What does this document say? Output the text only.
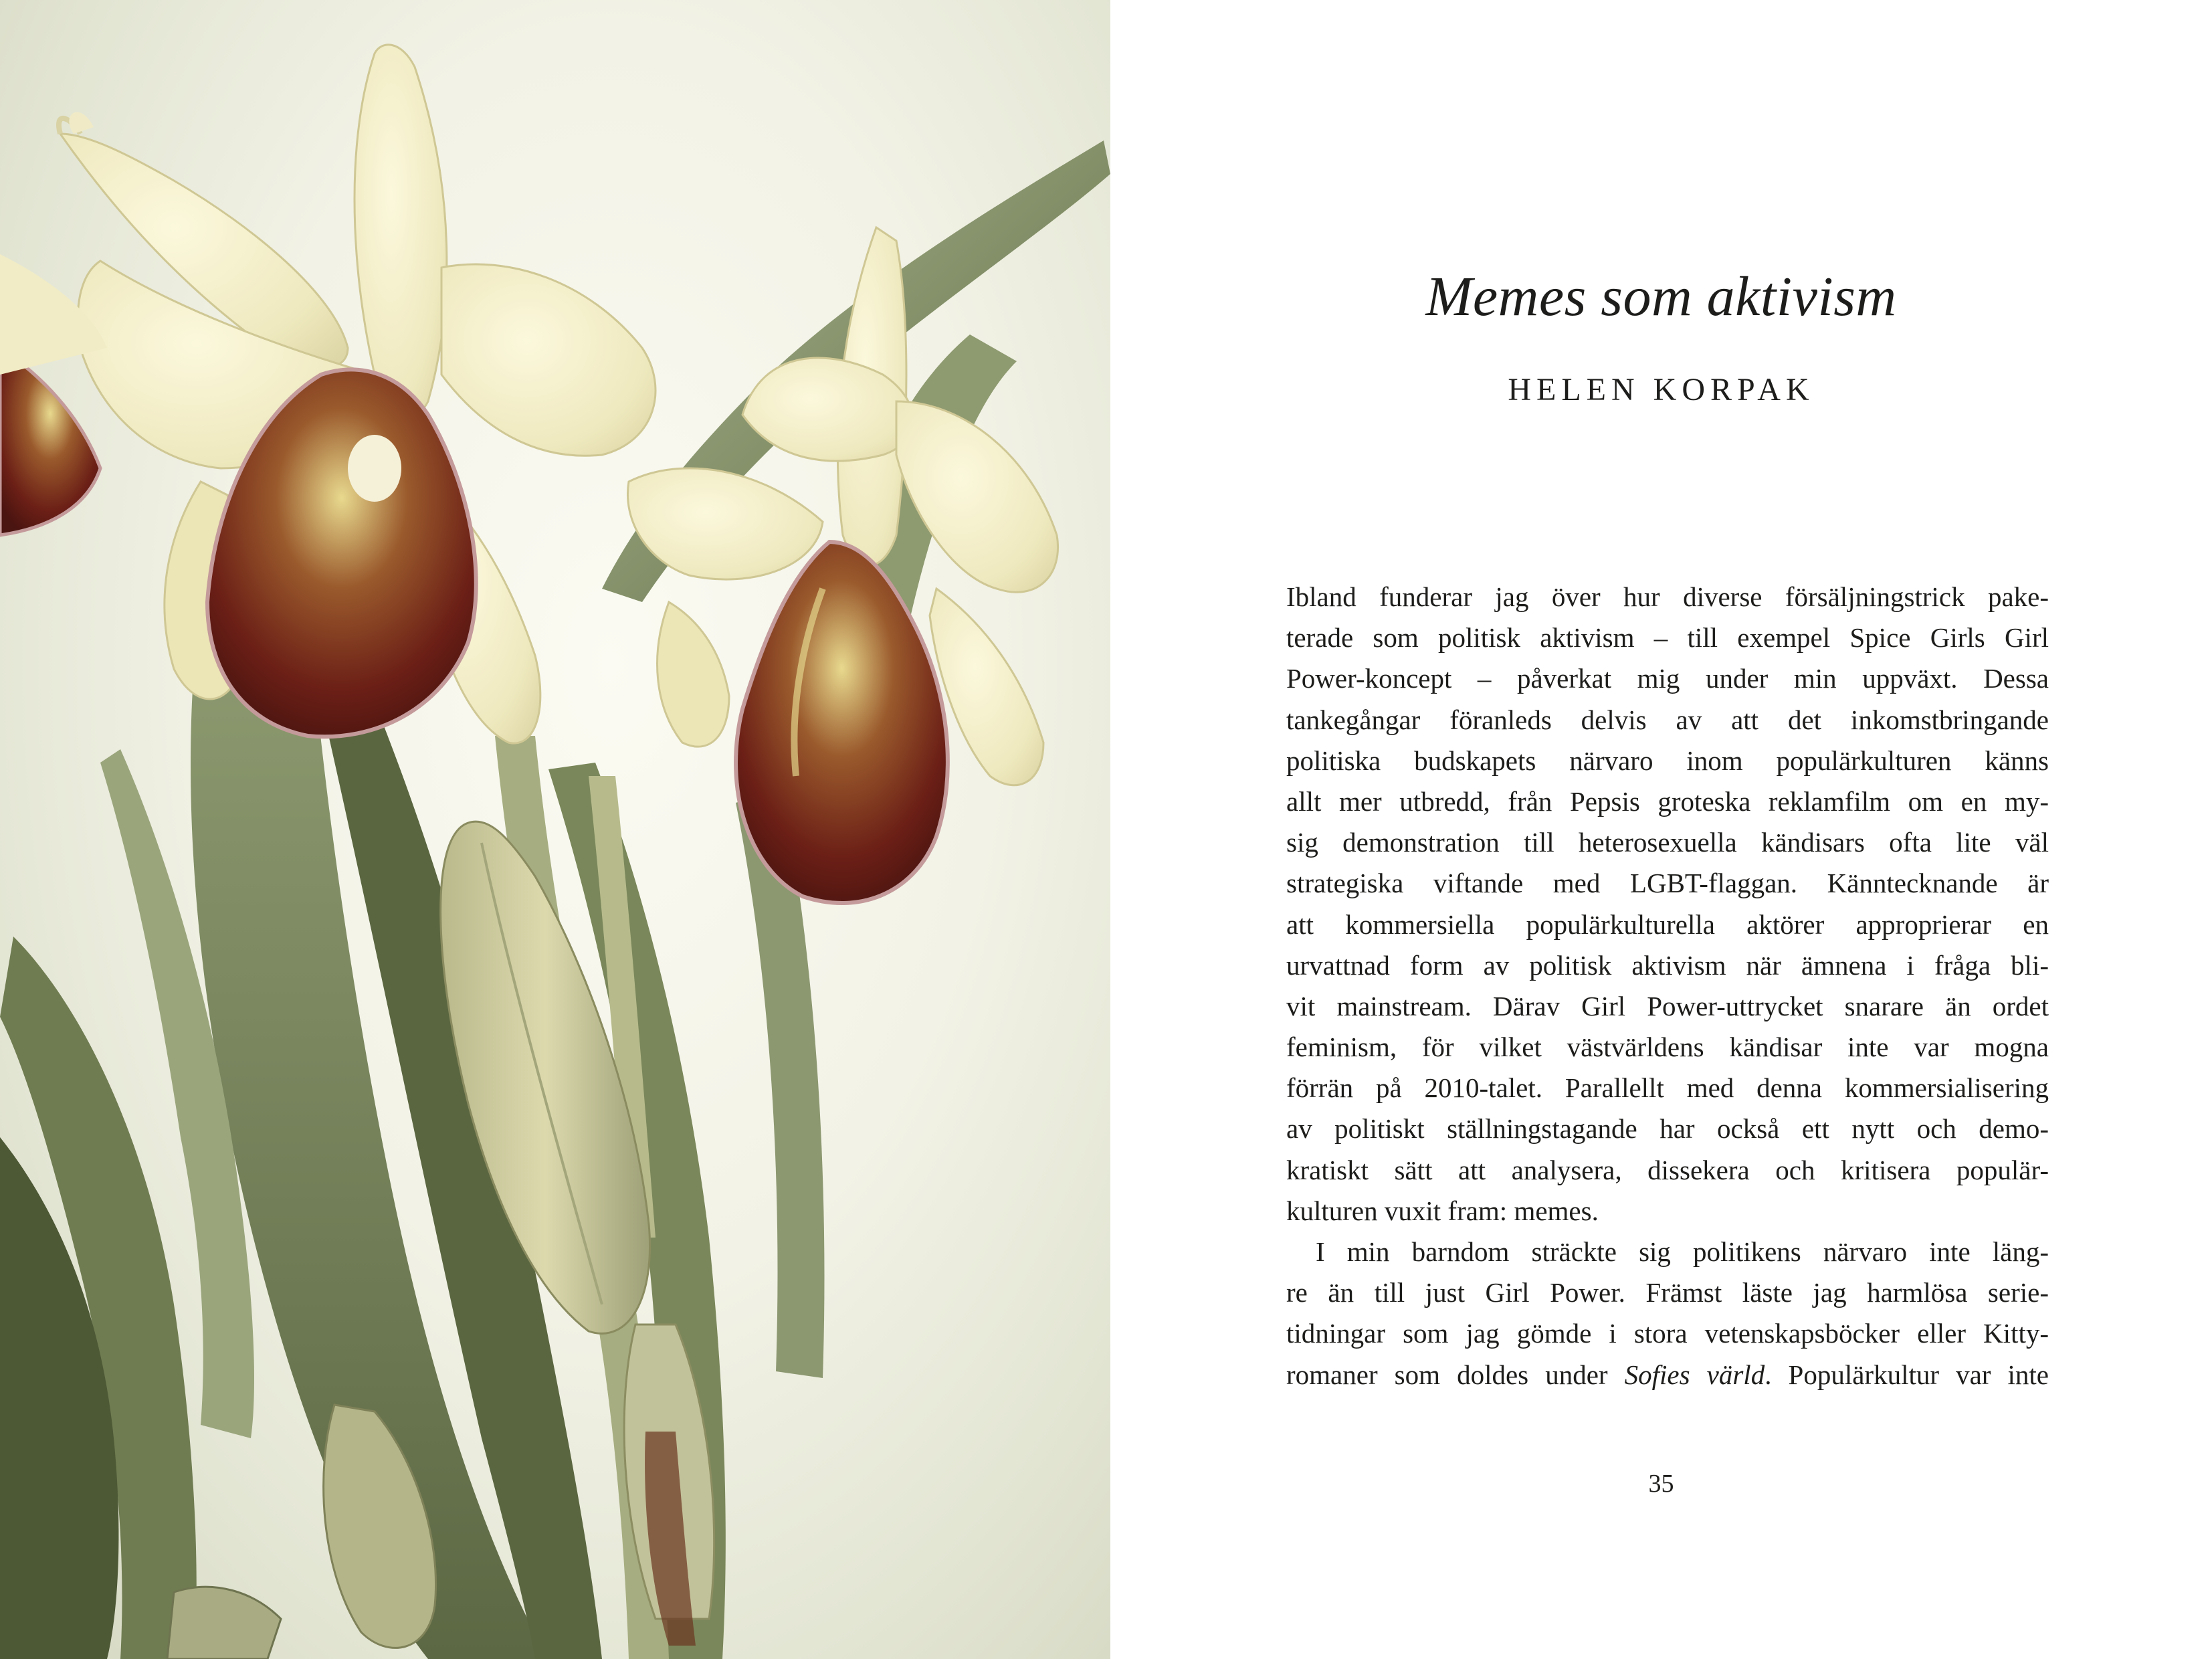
Memes som aktivism
HELEN KORPAK
Ibland funderar jag över hur diverse försäljningstrick pake-
terade som politisk aktivism – till exempel Spice Girls Girl
Power-koncept – påverkat mig under min uppväxt. Dessa
tankegångar föranleds delvis av att det inkomstbringande
politiska budskapets närvaro inom populärkulturen känns
allt mer utbredd, från Pepsis groteska reklamfilm om en my-
sig demonstration till heterosexuella kändisars ofta lite väl
strategiska viftande med LGBT-flaggan. Känntecknande är
att kommersiella populärkulturella aktörer approprierar en
urvattnad form av politisk aktivism när ämnena i fråga bli-
vit mainstream. Därav Girl Power-uttrycket snarare än ordet
feminism, för vilket västvärldens kändisar inte var mogna
förrän på 2010-talet. Parallellt med denna kommersialisering
av politiskt ställningstagande har också ett nytt och demo-
kratiskt sätt att analysera, dissekera och kritisera populär-
kulturen vuxit fram: memes.
I min barndom sträckte sig politikens närvaro inte läng-
re än till just Girl Power. Främst läste jag harmlösa serie-
tidningar som jag gömde i stora vetenskapsböcker eller Kitty-
romaner som doldes under Sofies värld. Populärkultur var inte
35
